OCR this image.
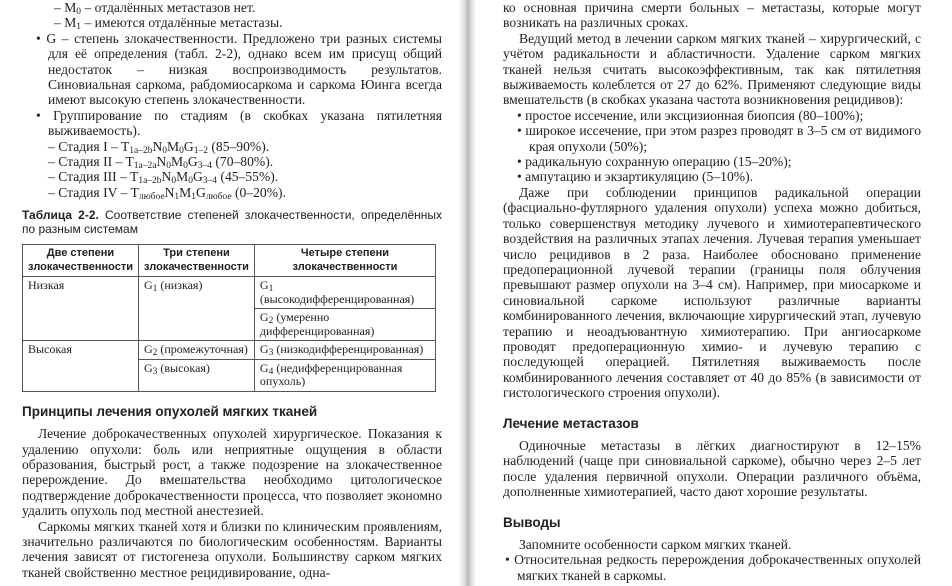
– $M_0$ – отдалённых метастазов нет.

– $M_1$ – имеются отдалённые метастазы.

• G – степень злокачественности. Предложено три разных системы для её определения (табл. 2-2), однако всем им присущ общий недостаток – низкая воспроизводимость результатов. Синовиальная саркома, рабдомиосаркома и саркома Юинга всегда имеют высокую степень злокачественности.

• Группирование по стадиям (в скобках указана пятилетняя выживаемость).

– Стадия I – $T_{1a-2b}N_0M_0G_{1-2}$ (85–90%).

– Стадия II – $T_{1a-2a}N_0M_0G_{3-4}$ (70–80%).

– Стадия III – $T_{1a-2b}N_0M_0G_{3-4}$ (45–55%).

– Стадия IV – $T_{любое}N_1M_1G_{любое}$ (0–20%).

Таблица 2-2. Соответствие степеней злокачественности, определённых по разным системам

Две степени злокачественности	Три степени злокачественности	Четыре степени злокачественности
Низкая	$G_1$ (низкая)	$G_1$ (высокодифференцированная)
		$G_2$ (умеренно дифференцированная)
Высокая	$G_2$ (промежуточная)	$G_3$ (низкодифференцированная)
	$G_3$ (высокая)	$G_4$ (недифференцированная опухоль)
Принципы лечения опухолей мягких тканей

Лечение доброкачественных опухолей хирургическое. Показания к удалению опухоли: боль или неприятные ощущения в области образования, быстрый рост, а также подозрение на злокачественное перерождение. До вмешательства необходимо цитологическое подтверждение доброкачественности процесса, что позволяет экономно удалить опухоль под местной анестезией.

Саркомы мягких тканей хотя и близки по клиническим проявлениям, значительно различаются по биологическим особенностям. Варианты лечения зависят от гистогенеза опухоли. Большинству сарком мягких тканей свойственно местное рецидивирование, одна-

ко основная причина смерти больных – метастазы, которые могут возникать на различных сроках.

Ведущий метод в лечении сарком мягких тканей – хирургический, с учётом радикальности и абластичности. Удаление сарком мягких тканей нельзя считать высокоэффективным, так как пятилетняя выживаемость колеблется от 27 до 62%. Применяют следующие виды вмешательств (в скобках указана частота возникновения рецидивов):

• простое иссечение, или эксцизионная биопсия (80–100%);

• широкое иссечение, при этом разрез проводят в 3–5 см от видимого края опухоли (50%);

• радикальную сохранную операцию (15–20%);

• ампутацию и экзартикуляцию (5–10%).

Даже при соблюдении принципов радикальной операции (фасциально-футлярного удаления опухоли) успеха можно добиться, только совершенствуя методику лучевого и химиотерапевтического воздействия на различных этапах лечения. Лучевая терапия уменьшает число рецидивов в 2 раза. Наиболее обосновано применение предоперационной лучевой терапии (границы поля облучения превышают размер опухоли на 3–4 см). Например, при миосаркоме и синовиальной саркоме используют различные варианты комбинированного лечения, включающие хирургический этап, лучевую терапию и неоадъювантную химиотерапию. При ангиосаркоме проводят предоперационную химио- и лучевую терапию с последующей операцией. Пятилетняя выживаемость после комбинированного лечения составляет от 40 до 85% (в зависимости от гистологического строения опухоли).

Лечение метастазов

Одиночные метастазы в лёгких диагностируют в 12–15% наблюдений (чаще при синовиальной саркоме), обычно через 2–5 лет после удаления первичной опухоли. Операции различного объёма, дополненные химиотерапией, часто дают хорошие результаты.

Выводы

Запомните особенности сарком мягких тканей.

• Относительная редкость перерождения доброкачественных опухолей мягких тканей в саркомы.
